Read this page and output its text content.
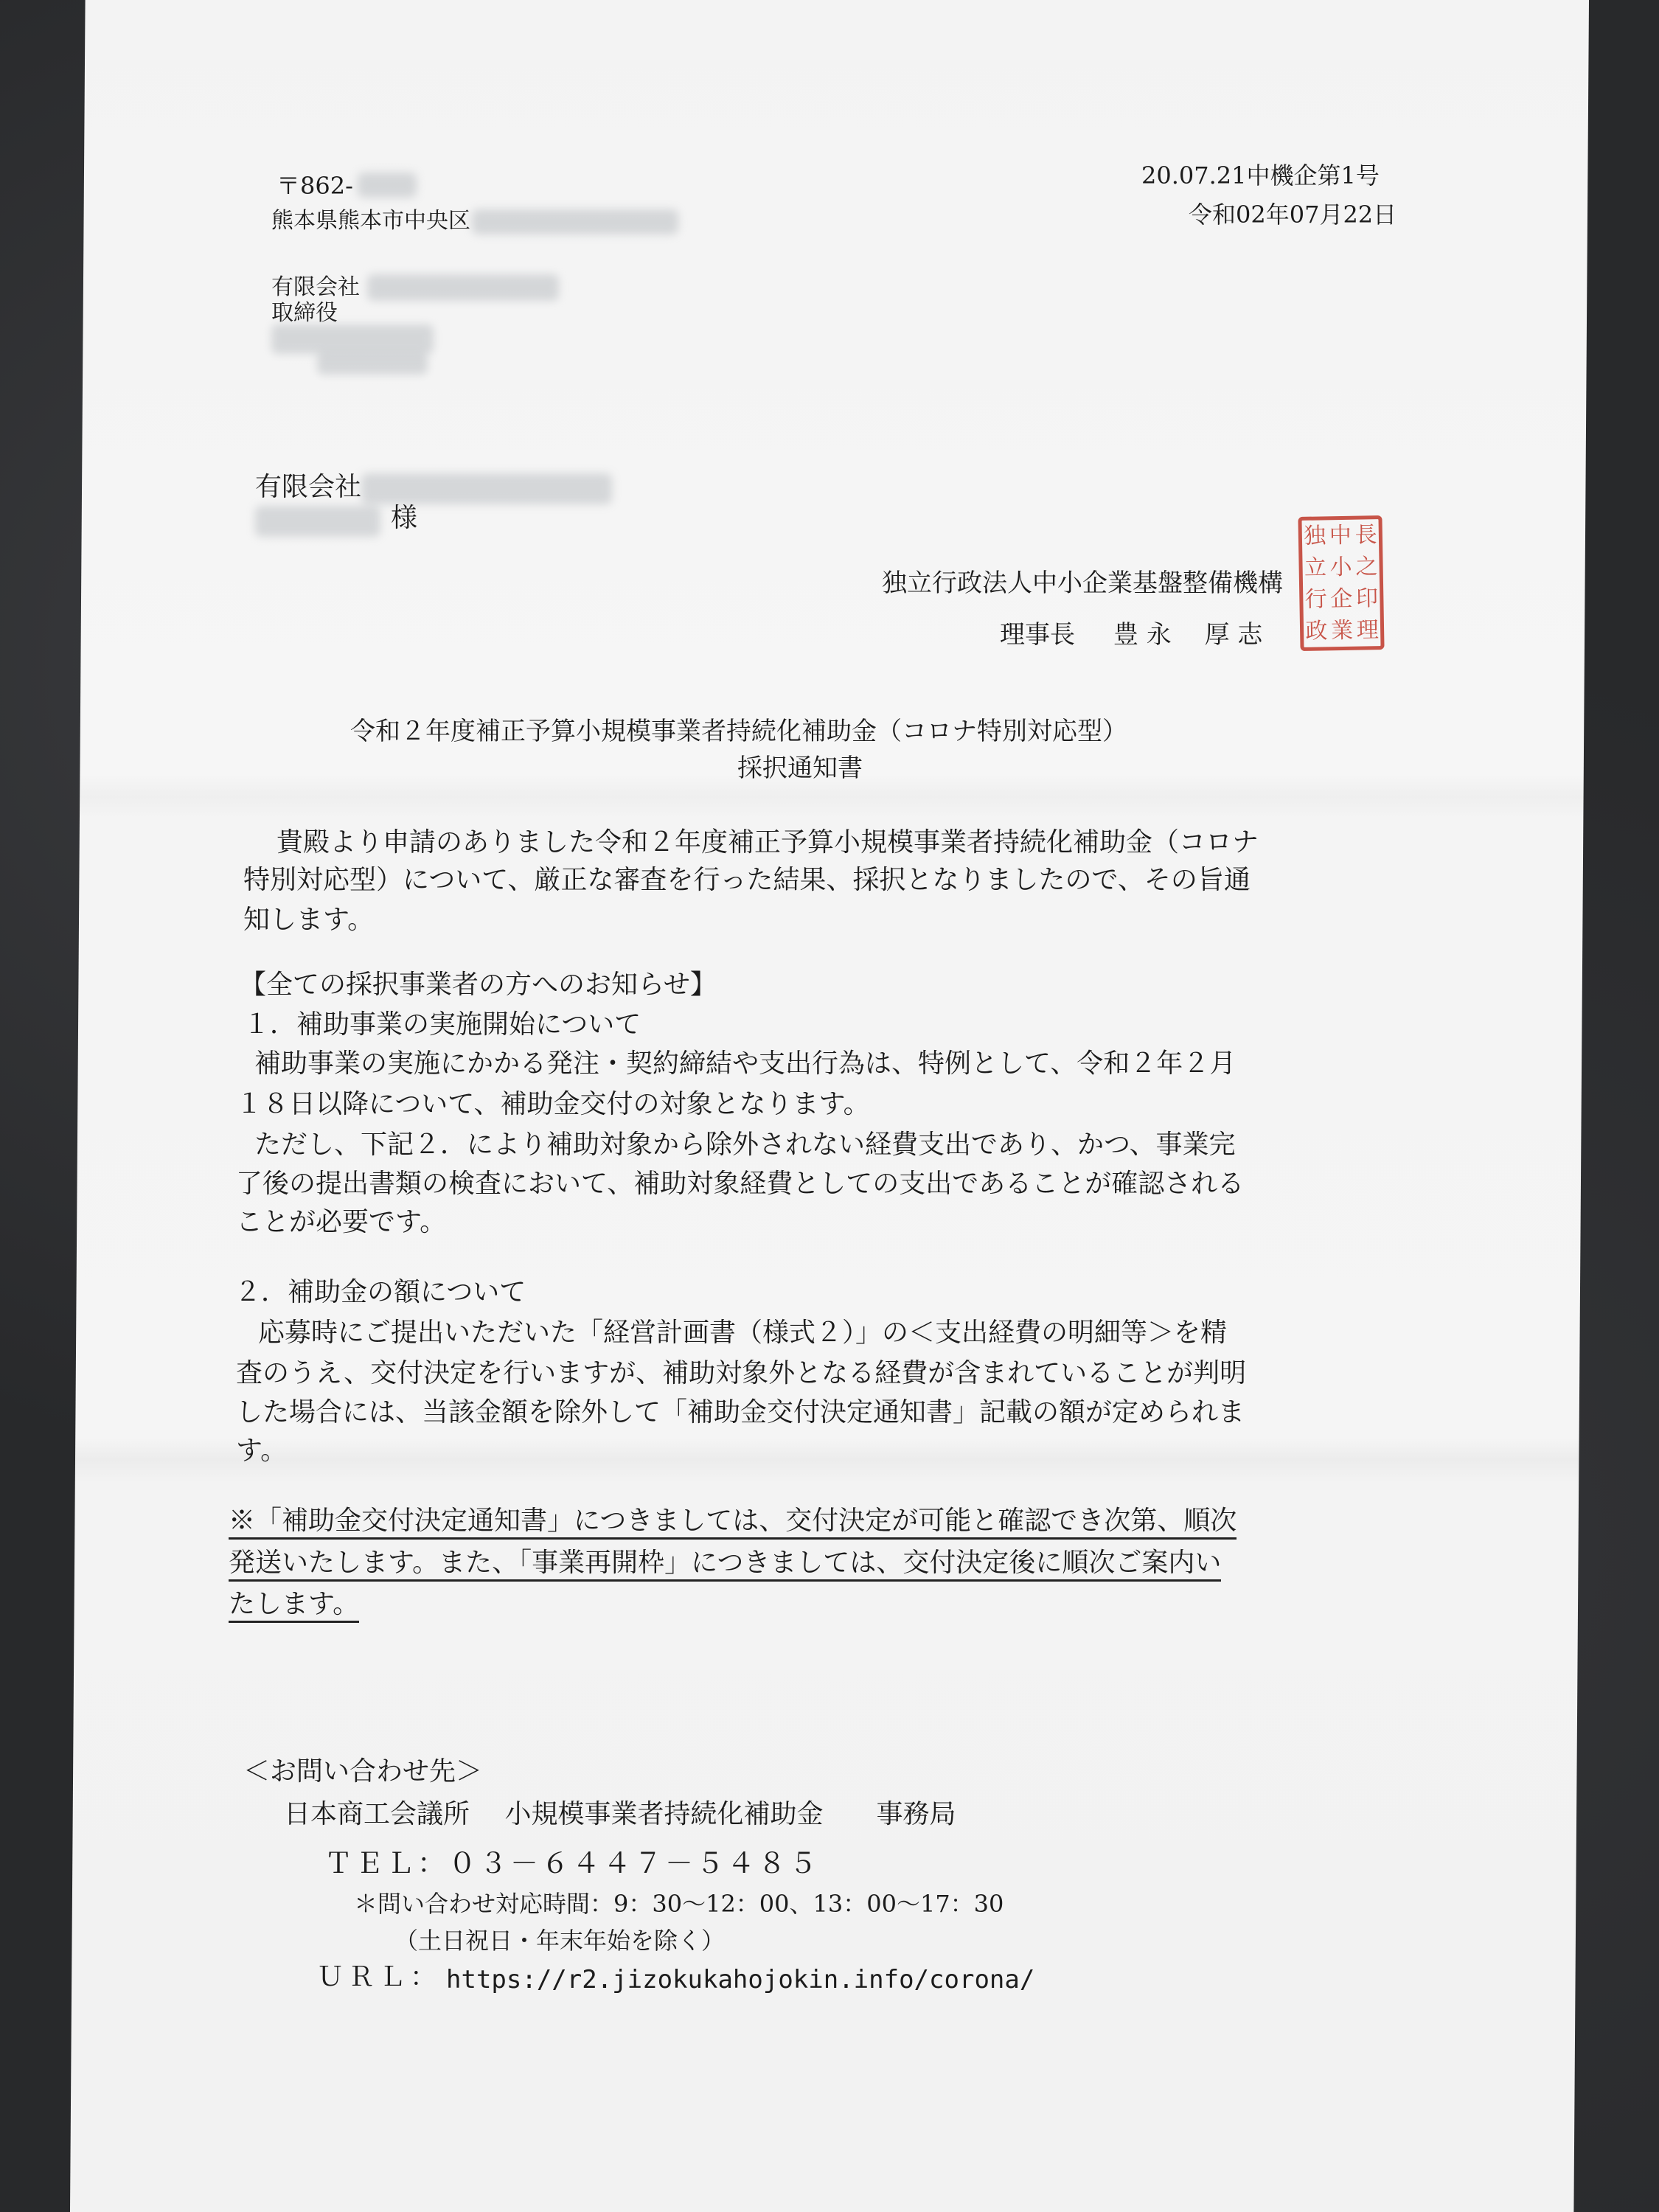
〒862-
熊本県熊本市中央区
有限会社
取締役
20.07.21中機企第1号
令和02年07月22日
有限会社
様
独立行政法人中小企業基盤整備機構
理事長 豊 永　 厚 志
独 中 長
立 小 之
行 企 印
政 業 理
令和２年度補正予算小規模事業者持続化補助金（コロナ特別対応型）
採択通知書
貴殿より申請のありました令和２年度補正予算小規模事業者持続化補助金（コロナ
特別対応型）について、厳正な審査を行った結果、採択となりましたので、その旨通
知します。
【全ての採択事業者の方へのお知らせ】
１．補助事業の実施開始について
補助事業の実施にかかる発注・契約締結や支出行為は、特例として、令和２年２月
１８日以降について、補助金交付の対象となります。
ただし、下記２．により補助対象から除外されない経費支出であり、かつ、事業完
了後の提出書類の検査において、補助対象経費としての支出であることが確認される
ことが必要です。
２．補助金の額について
応募時にご提出いただいた「経営計画書（様式２）」の＜支出経費の明細等＞を精
査のうえ、交付決定を行いますが、補助対象外となる経費が含まれていることが判明
した場合には、当該金額を除外して「補助金交付決定通知書」記載の額が定められま
す。
※「補助金交付決定通知書」につきましては、交付決定が可能と確認でき次第、順次
発送いたします。また、「事業再開枠」につきましては、交付決定後に順次ご案内い
たします。
＜お問い合わせ先＞
日本商工会議所　 小規模事業者持続化補助金　　事務局
ＴＥＬ：０３－６４４７－５４８５
＊問い合わせ対応時間：9：30～12：00、13：00～17：30
（土日祝日・年末年始を除く）
ＵＲＬ： https://r2.jizokukahojokin.info/corona/
